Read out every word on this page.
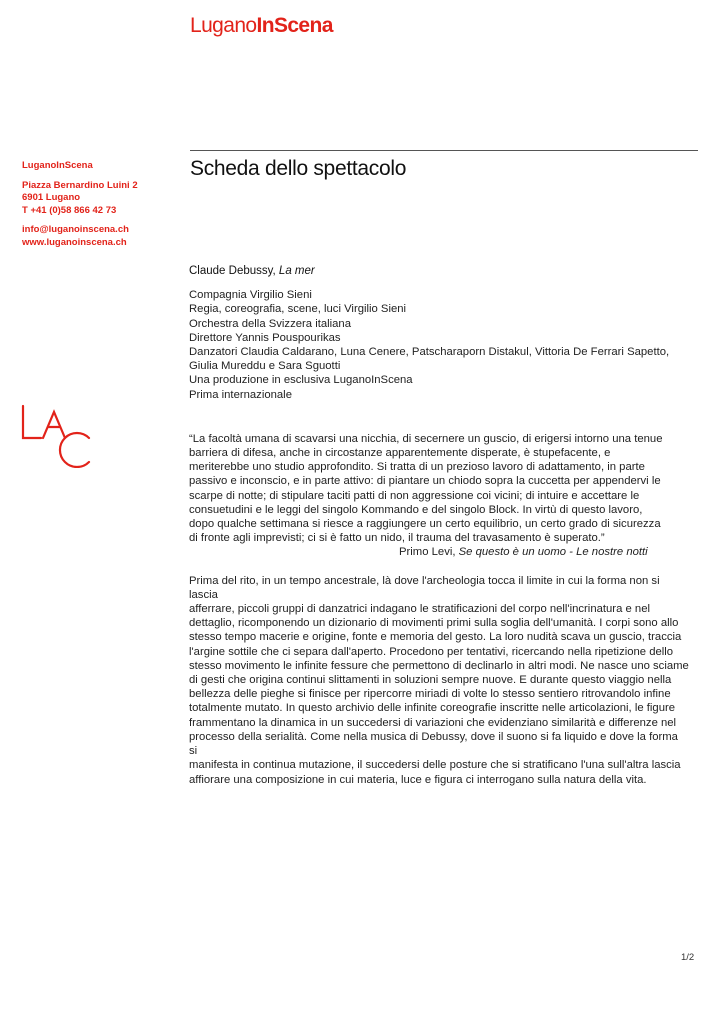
LuganoInScena
LuganoInScena
Piazza Bernardino Luini 2
6901 Lugano
T +41 (0)58 866 42 73
info@luganoinscena.ch
www.luganoinscena.ch
Scheda dello spettacolo
Claude Debussy, La mer
Compagnia Virgilio Sieni
Regia, coreografia, scene, luci Virgilio Sieni
Orchestra della Svizzera italiana
Direttore Yannis Pouspourikas
Danzatori Claudia Caldarano, Luna Cenere, Patscharaporn Distakul, Vittoria De Ferrari Sapetto,
Giulia Mureddu e Sara Sguotti
Una produzione in esclusiva LuganoInScena
Prima internazionale
“La facoltà umana di scavarsi una nicchia, di secernere un guscio, di erigersi intorno una tenue
barriera di difesa, anche in circostanze apparentemente disperate, è stupefacente, e
meriterebbe uno studio approfondito. Si tratta di un prezioso lavoro di adattamento, in parte
passivo e inconscio, e in parte attivo: di piantare un chiodo sopra la cuccetta per appendervi le
scarpe di notte; di stipulare taciti patti di non aggressione coi vicini; di intuire e accettare le
consuetudini e le leggi del singolo Kommando e del singolo Block. In virtù di questo lavoro,
dopo qualche settimana si riesce a raggiungere un certo equilibrio, un certo grado di sicurezza
di fronte agli imprevisti; ci si è fatto un nido, il trauma del travasamento è superato.”
Primo Levi, Se questo è un uomo - Le nostre notti
Prima del rito, in un tempo ancestrale, là dove l'archeologia tocca il limite in cui la forma non si lascia
afferrare, piccoli gruppi di danzatrici indagano le stratificazioni del corpo nell'incrinatura e nel
dettaglio, ricomponendo un dizionario di movimenti primi sulla soglia dell'umanità. I corpi sono allo
stesso tempo macerie e origine, fonte e memoria del gesto. La loro nudità scava un guscio, traccia
l'argine sottile che ci separa dall'aperto. Procedono per tentativi, ricercando nella ripetizione dello
stesso movimento le infinite fessure che permettono di declinarlo in altri modi. Ne nasce uno sciame
di gesti che origina continui slittamenti in soluzioni sempre nuove. E durante questo viaggio nella
bellezza delle pieghe si finisce per ripercorre miriadi di volte lo stesso sentiero ritrovandolo infine
totalmente mutato. In questo archivio delle infinite coreografie inscritte nelle articolazioni, le figure
frammentano la dinamica in un succedersi di variazioni che evidenziano similarità e differenze nel
processo della serialità. Come nella musica di Debussy, dove il suono si fa liquido e dove la forma si
manifesta in continua mutazione, il succedersi delle posture che si stratificano l'una sull'altra lascia
affiorare una composizione in cui materia, luce e figura ci interrogano sulla natura della vita.
1/2
